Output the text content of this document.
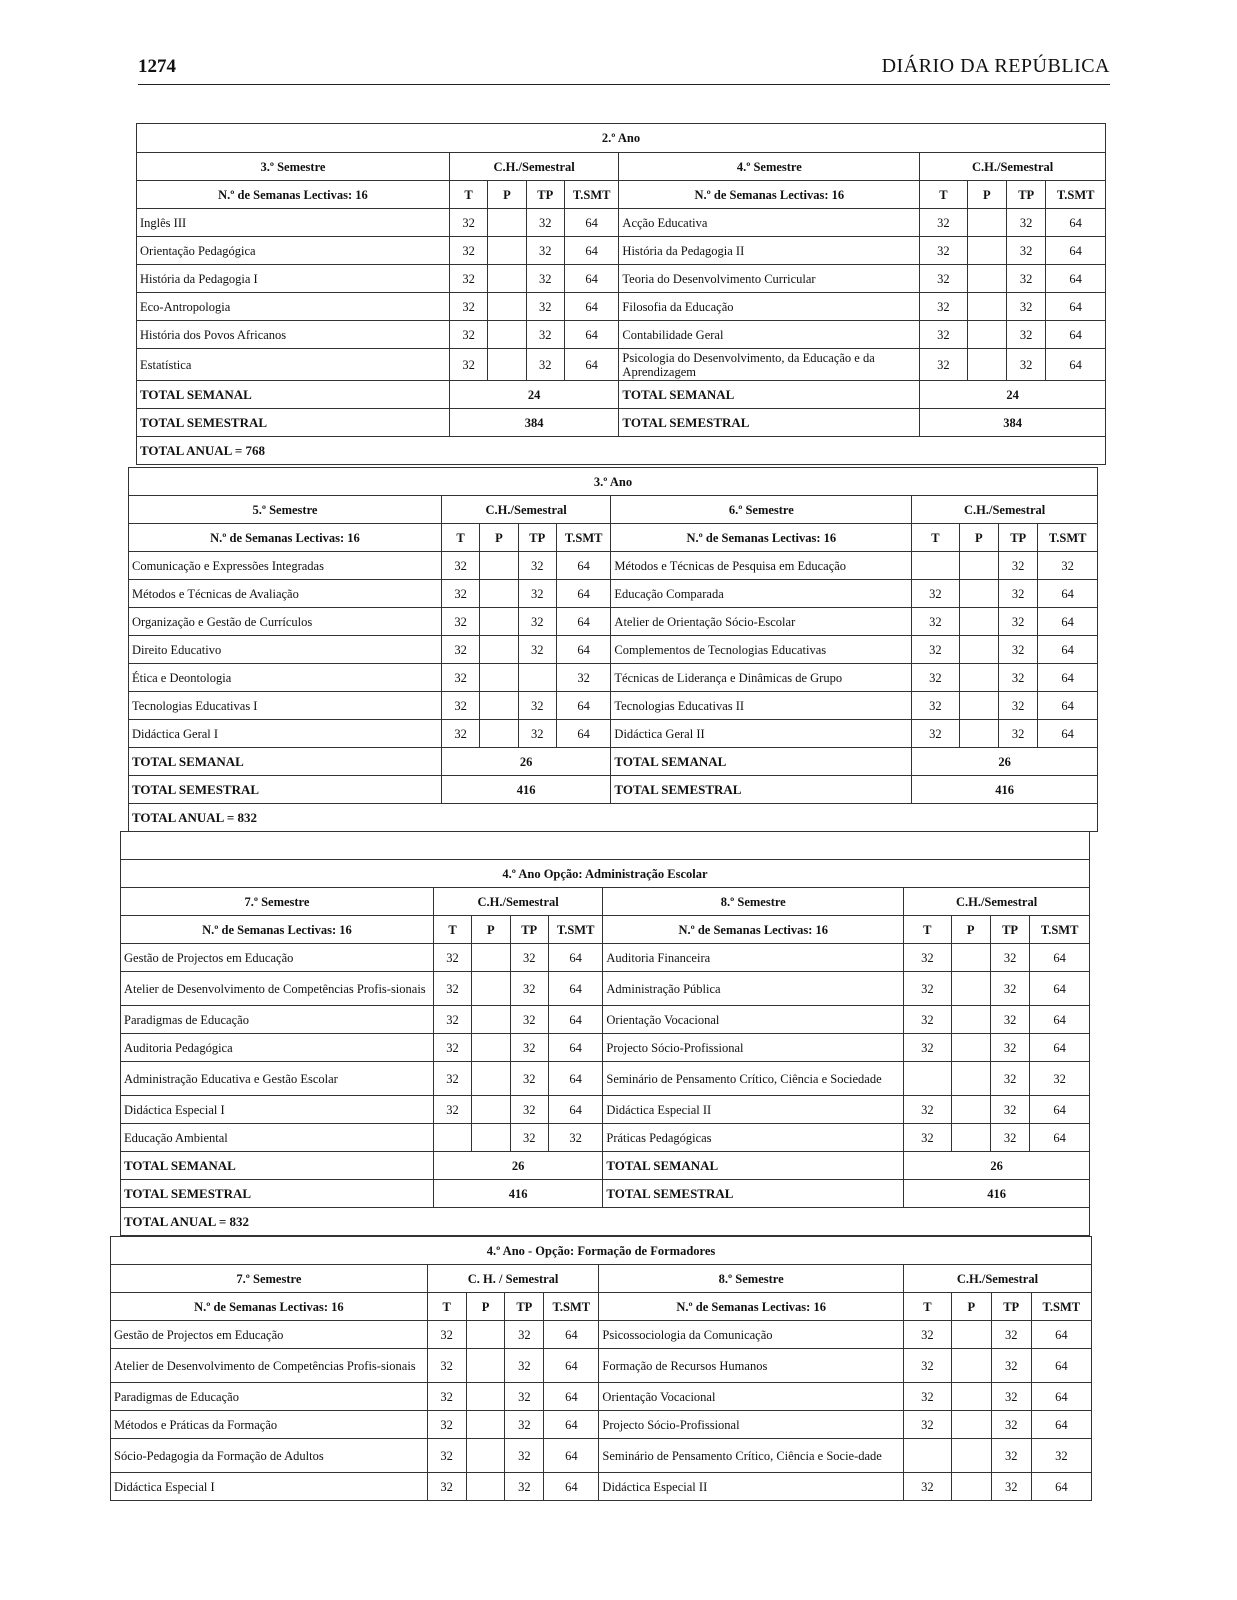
1274	DIÁRIO DA REPÚBLICA
2.º Ano									
3.º Semestre	C.H./Semestral				4.º Semestre	C.H./Semestral			
N.º de Semanas Lectivas: 16	T	P	TP	T.SMT	N.º de Semanas Lectivas: 16	T	P	TP	T.SMT
Inglês III	32		32	64	Acção Educativa	32		32	64
Orientação Pedagógica	32		32	64	História da Pedagogia II	32		32	64
História da Pedagogia I	32		32	64	Teoria do Desenvolvimento Curricular	32		32	64
Eco-Antropologia	32		32	64	Filosofia da Educação	32		32	64
História dos Povos Africanos	32		32	64	Contabilidade Geral	32		32	64
Estatística	32		32	64	Psicologia do Desenvolvimento, da Educação e da Aprendizagem	32		32	64
TOTAL SEMANAL	24				TOTAL SEMANAL	24			
TOTAL SEMESTRAL	384				TOTAL SEMESTRAL	384			
TOTAL ANUAL = 768									
3.º Ano									
5.º Semestre	C.H./Semestral				6.º Semestre	C.H./Semestral			
N.º de Semanas Lectivas: 16	T	P	TP	T.SMT	N.º de Semanas Lectivas: 16	T	P	TP	T.SMT
Comunicação e Expressões Integradas	32		32	64	Métodos e Técnicas de Pesquisa em Educação			32	32
Métodos e Técnicas de Avaliação	32		32	64	Educação Comparada	32		32	64
Organização e Gestão de Currículos	32		32	64	Atelier de Orientação Sócio-Escolar	32		32	64
Direito Educativo	32		32	64	Complementos de Tecnologias Educativas	32		32	64
Ética e Deontologia	32			32	Técnicas de Liderança e Dinâmicas de Grupo	32		32	64
Tecnologias Educativas I	32		32	64	Tecnologias Educativas II	32		32	64
Didáctica Geral I	32		32	64	Didáctica Geral II	32		32	64
TOTAL SEMANAL	26				TOTAL SEMANAL	26			
TOTAL SEMESTRAL	416				TOTAL SEMESTRAL	416			
TOTAL ANUAL = 832									

4.º Ano Opção: Administração Escolar									
7.º Semestre	C.H./Semestral				8.º Semestre	C.H./Semestral			
N.º de Semanas Lectivas: 16	T	P	TP	T.SMT	N.º de Semanas Lectivas: 16	T	P	TP	T.SMT
Gestão de Projectos em Educação	32		32	64	Auditoria Financeira	32		32	64
Atelier de Desenvolvimento de Competências Profis-sionais	32		32	64	Administração Pública	32		32	64
Paradigmas de Educação	32		32	64	Orientação Vocacional	32		32	64
Auditoria Pedagógica	32		32	64	Projecto Sócio-Profissional	32		32	64
Administração Educativa e Gestão Escolar	32		32	64	Seminário de Pensamento Crítico, Ciência e Sociedade			32	32
Didáctica Especial I	32		32	64	Didáctica Especial II	32		32	64
Educação Ambiental			32	32	Práticas Pedagógicas	32		32	64
TOTAL SEMANAL	26				TOTAL SEMANAL	26			
TOTAL SEMESTRAL	416				TOTAL SEMESTRAL	416			
TOTAL ANUAL = 832									
4.º Ano - Opção: Formação de Formadores									
7.º Semestre	C. H. / Semestral				8.º Semestre	C.H./Semestral			
N.º de Semanas Lectivas: 16	T	P	TP	T.SMT	N.º de Semanas Lectivas: 16	T	P	TP	T.SMT
Gestão de Projectos em Educação	32		32	64	Psicossociologia da Comunicação	32		32	64
Atelier de Desenvolvimento de Competências Profis-sionais	32		32	64	Formação de Recursos Humanos	32		32	64
Paradigmas de Educação	32		32	64	Orientação Vocacional	32		32	64
Métodos e Práticas da Formação	32		32	64	Projecto Sócio-Profissional	32		32	64
Sócio-Pedagogia da Formação de Adultos	32		32	64	Seminário de Pensamento Crítico, Ciência e Socie-dade			32	32
Didáctica Especial I	32		32	64	Didáctica Especial II	32		32	64
